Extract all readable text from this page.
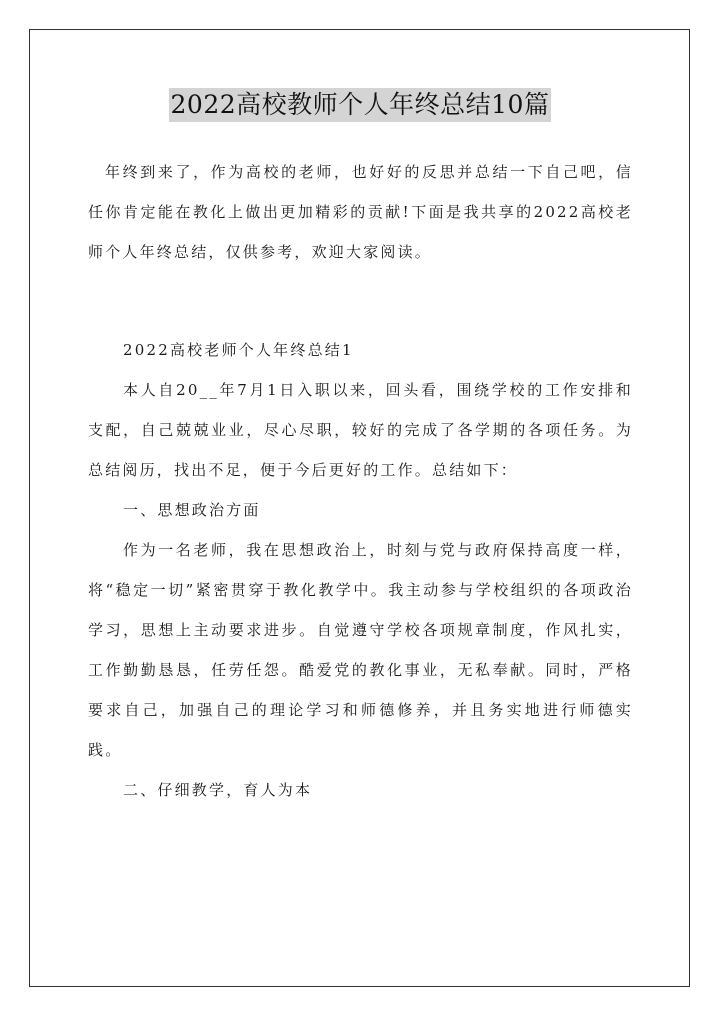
2022高校教师个人年终总结10篇

年终到来了，作为高校的老师，也好好的反思并总结一下自己吧，信任你肯定能在教化上做出更加精彩的贡献!下面是我共享的2022高校老师个人年终总结，仅供参考，欢迎大家阅读。

2022高校老师个人年终总结1

本人自20__年7月1日入职以来，回头看，围绕学校的工作安排和支配，自己兢兢业业，尽心尽职，较好的完成了各学期的各项任务。为总结阅历，找出不足，便于今后更好的工作。总结如下：

一、思想政治方面

作为一名老师，我在思想政治上，时刻与党与政府保持高度一样，将“稳定一切”紧密贯穿于教化教学中。我主动参与学校组织的各项政治学习，思想上主动要求进步。自觉遵守学校各项规章制度，作风扎实，工作勤勤恳恳，任劳任怨。酷爱党的教化事业，无私奉献。同时，严格要求自己，加强自己的理论学习和师德修养，并且务实地进行师德实践。

二、仔细教学，育人为本
